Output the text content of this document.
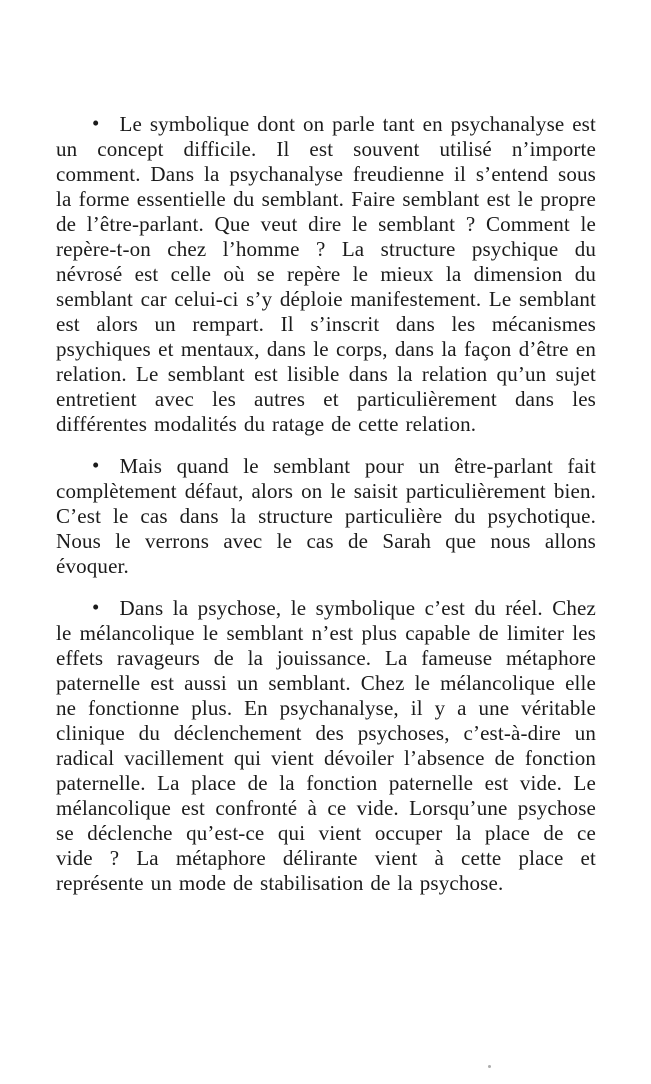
• Le symbolique dont on parle tant en psychanalyse est un concept difficile. Il est souvent utilisé n’importe comment. Dans la psychanalyse freudienne il s’entend sous la forme essentielle du semblant. Faire semblant est le propre de l’être-parlant. Que veut dire le semblant ? Comment le repère-t-on chez l’homme ? La structure psychique du névrosé est celle où se repère le mieux la dimension du semblant car celui-ci s’y déploie manifestement. Le semblant est alors un rempart. Il s’inscrit dans les mécanismes psychiques et mentaux, dans le corps, dans la façon d’être en relation. Le semblant est lisible dans la relation qu’un sujet entretient avec les autres et particulièrement dans les différentes modalités du ratage de cette relation.

• Mais quand le semblant pour un être-parlant fait complètement défaut, alors on le saisit particulièrement bien. C’est le cas dans la structure particulière du psychotique. Nous le verrons avec le cas de Sarah que nous allons évoquer.

• Dans la psychose, le symbolique c’est du réel. Chez le mélancolique le semblant n’est plus capable de limiter les effets ravageurs de la jouissance. La fameuse métaphore paternelle est aussi un semblant. Chez le mélancolique elle ne fonctionne plus. En psychanalyse, il y a une véritable clinique du déclenchement des psychoses, c’est-à-dire un radical vacillement qui vient dévoiler l’absence de fonction paternelle. La place de la fonction paternelle est vide. Le mélancolique est confronté à ce vide. Lorsqu’une psychose se déclenche qu’est-ce qui vient occuper la place de ce vide ? La métaphore délirante vient à cette place et représente un mode de stabilisation de la psychose.
